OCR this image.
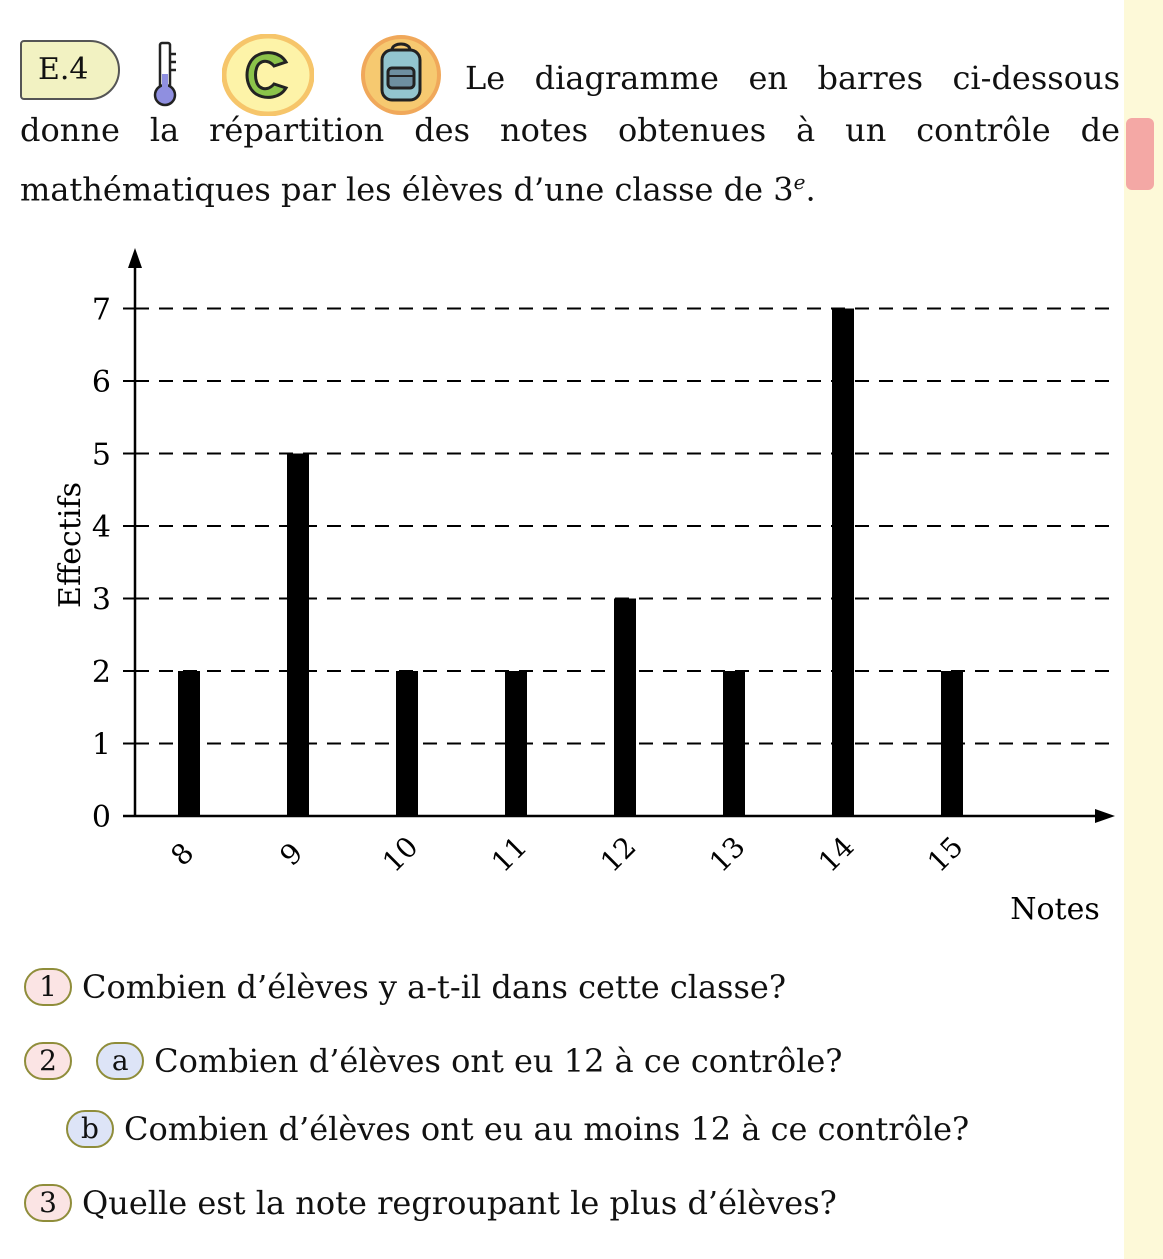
E.4	Le diagramme en barres ci-dessous donne la répartition des notes obtenues à un contrôle de mathématiques par les élèves d’une classe de 3e.

Effectifs
Notes
0
1
2
3
4
5
6
7
8	9 10 11 12 13 14 15
1 Combien d’élèves y a-t-il dans cette classe?
2 a Combien d’élèves ont eu 12 à ce contrôle?
b Combien d’élèves ont eu au moins 12 à ce contrôle?
3 Quelle est la note regroupant le plus d’élèves?
